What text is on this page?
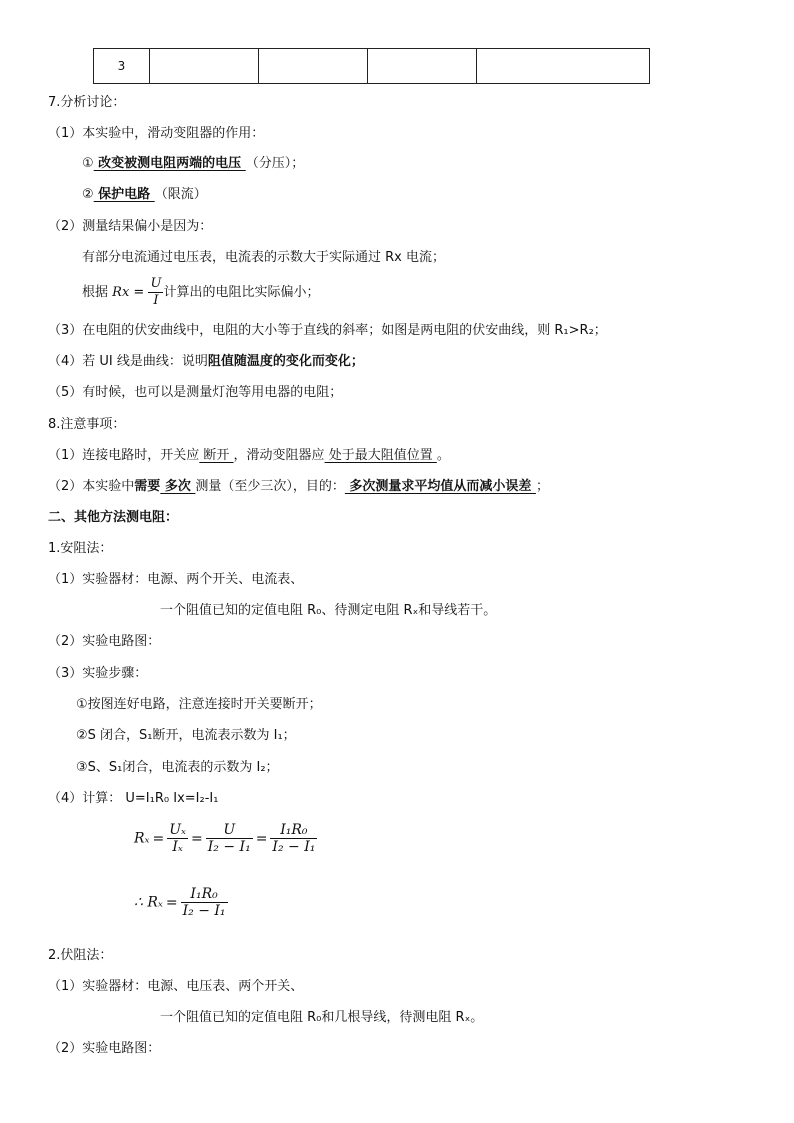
3				
7.分析讨论：
（1）本实验中，滑动变阻器的作用：
① 改变被测电阻两端的电压 （分压）；
② 保护电路 （限流）
（2）测量结果偏小是因为：
有部分电流通过电压表，电流表的示数大于实际通过 Rx 电流；
根据 $Rx = \frac{U}{I}$ 计算出的电阻比实际偏小；
（3）在电阻的伏安曲线中，电阻的大小等于直线的斜率；如图是两电阻的伏安曲线，则 R₁>R₂；
（4）若 UI 线是曲线：说明阻值随温度的变化而变化；
（5）有时候，也可以是测量灯泡等用电器的电阻；
8.注意事项：
（1）连接电路时，开关应 断开 ，滑动变阻器应 处于最大阻值位置 。
（2）本实验中需要 多次 测量（至少三次），目的： 多次测量求平均值从而减小误差 ；
二、其他方法测电阻：
1.安阻法：
（1）实验器材：电源、两个开关、电流表、
一个阻值已知的定值电阻 R₀、待测定电阻 Rₓ和导线若干。
（2）实验电路图：
（3）实验步骤：
①按图连好电路，注意连接时开关要断开；
②S 闭合，S₁断开，电流表示数为 I₁；
③S、S₁闭合，电流表的示数为 I₂；
（4）计算： U=I₁R₀ Ix=I₂-I₁
$R_x = \frac{\text{Uₓ}}{\text{Iₓ}} = \frac{U}{\text{I₂ − I₁}} = \frac{\text{I₁R₀}}{\text{I₂ − I₁}}$
∴ $R_x = \frac{\text{I₁R₀}}{\text{I₂ − I₁}}$
2.伏阻法：
（1）实验器材：电源、电压表、两个开关、
一个阻值已知的定值电阻 R₀和几根导线，待测电阻 Rₓ。
（2）实验电路图：
